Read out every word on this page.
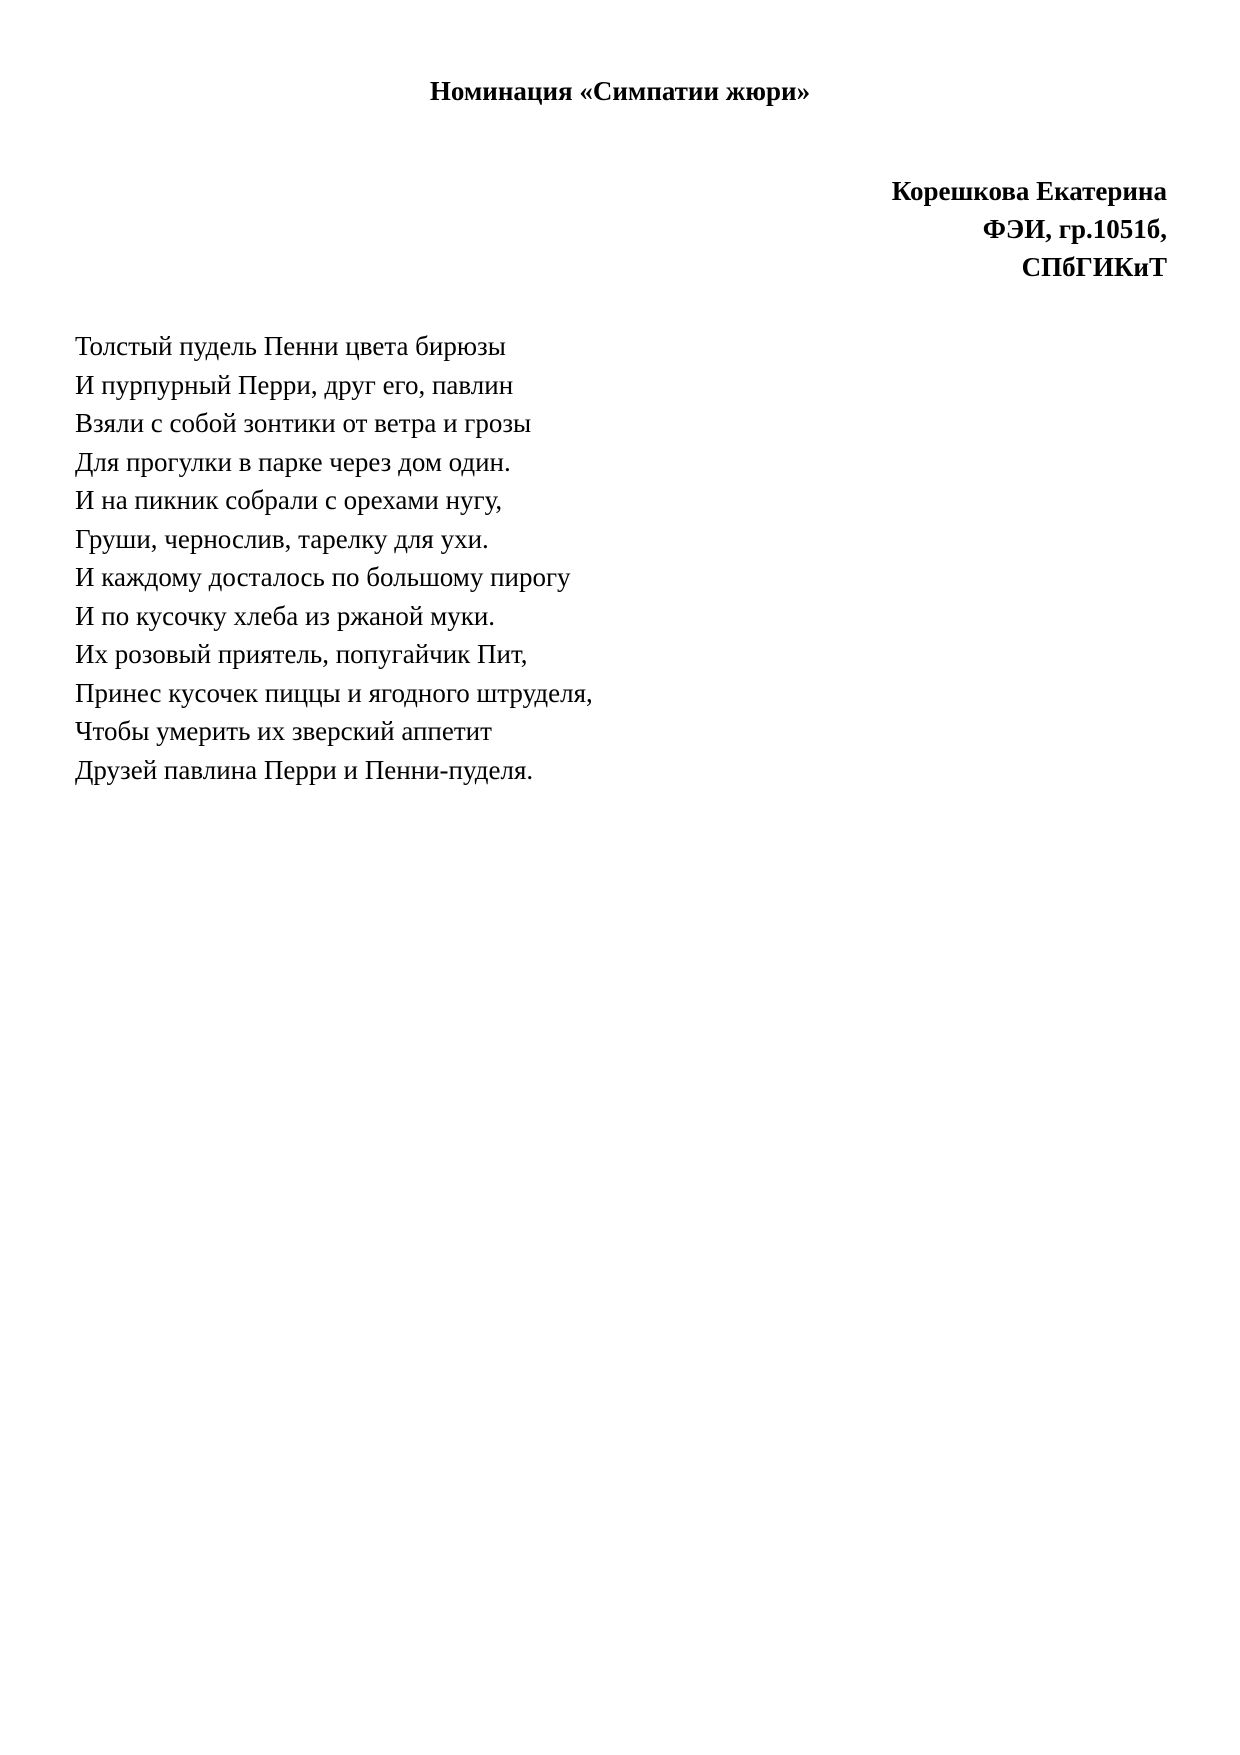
Номинация «Симпатии жюри»
Корешкова Екатерина
ФЭИ, гр.1051б,
СПбГИКиТ
Толстый пудель Пенни цвета бирюзы
И пурпурный Перри, друг его, павлин
Взяли с собой зонтики от ветра и грозы
Для прогулки в парке через дом один.
И на пикник собрали с орехами нугу,
Груши, чернослив, тарелку для ухи.
И каждому досталось по большому пирогу
И по кусочку хлеба из ржаной муки.
Их розовый приятель, попугайчик Пит,
Принес кусочек пиццы и ягодного штруделя,
Чтобы умерить их зверский аппетит
Друзей павлина Перри и Пенни-пуделя.
